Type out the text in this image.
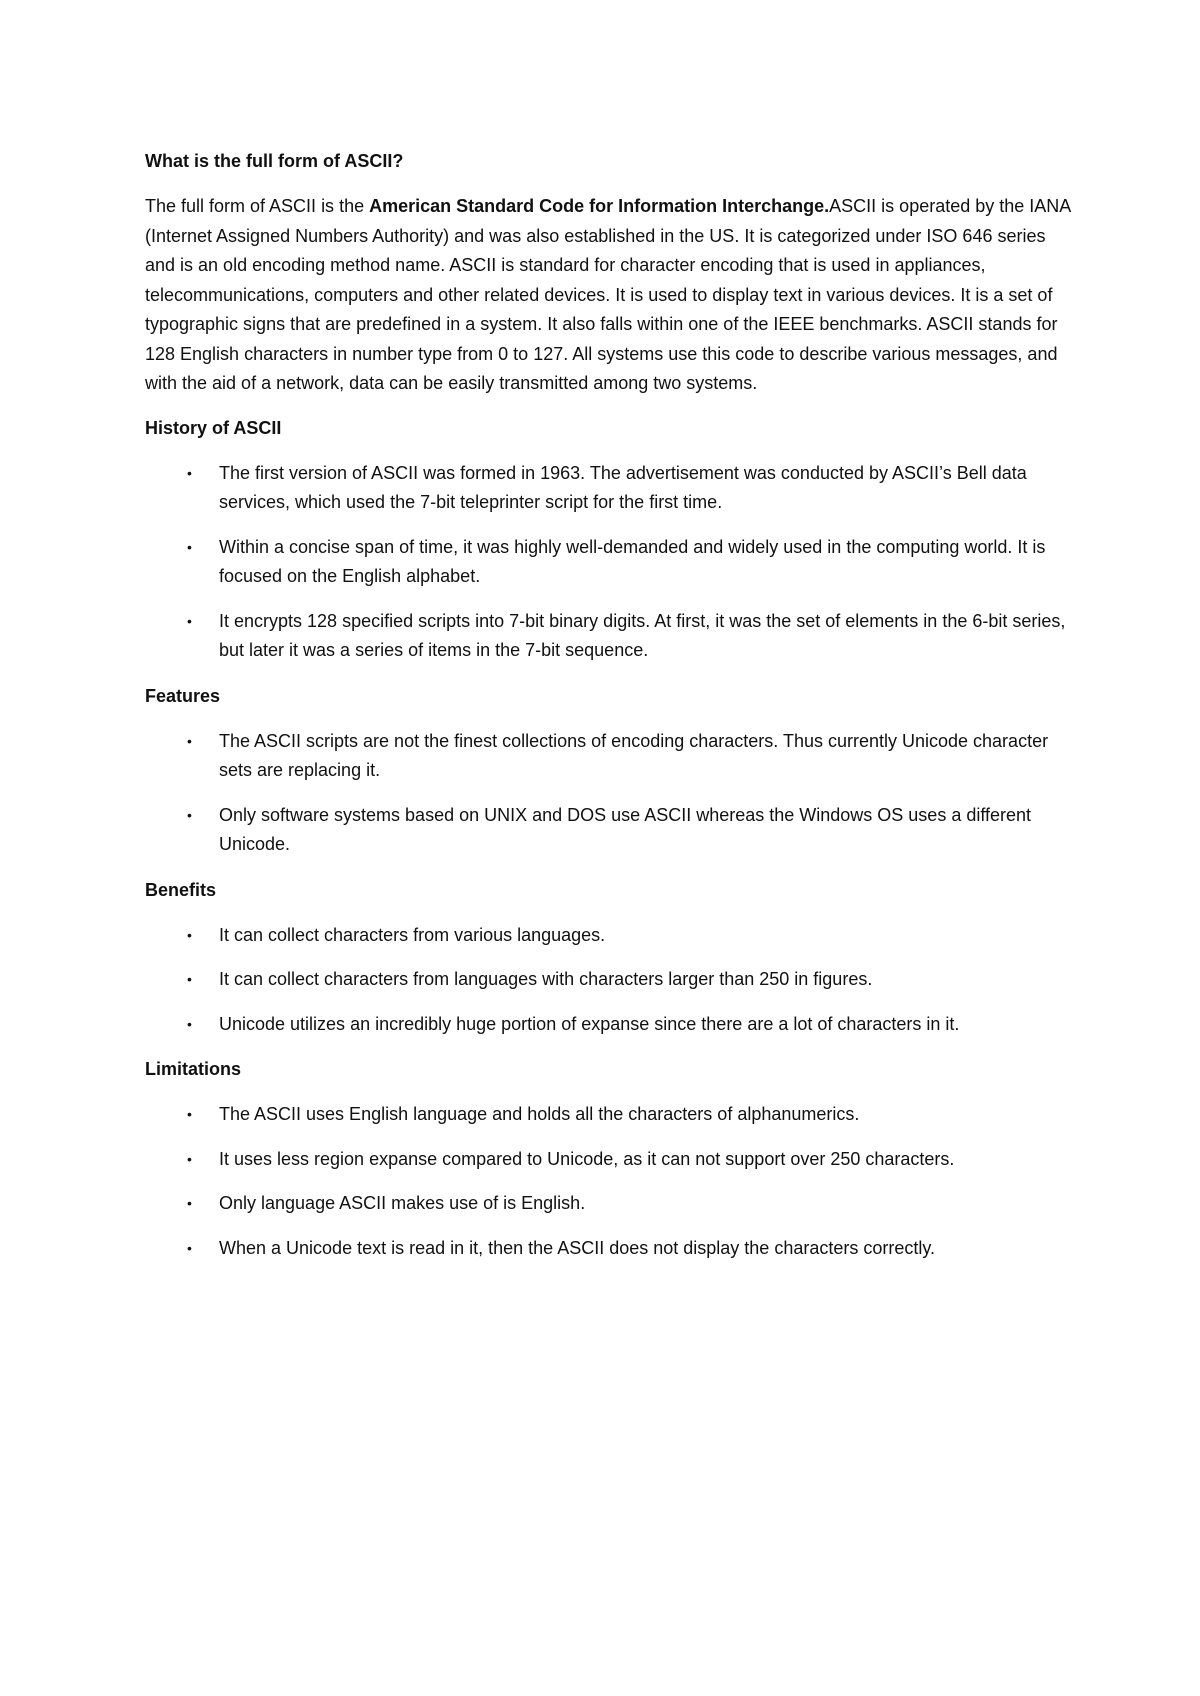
What is the full form of ASCII?

The full form of ASCII is the American Standard Code for Information Interchange.ASCII is operated by the IANA (Internet Assigned Numbers Authority) and was also established in the US. It is categorized under ISO 646 series and is an old encoding method name. ASCII is standard for character encoding that is used in appliances, telecommunications, computers and other related devices. It is used to display text in various devices. It is a set of typographic signs that are predefined in a system. It also falls within one of the IEEE benchmarks. ASCII stands for 128 English characters in number type from 0 to 127. All systems use this code to describe various messages, and with the aid of a network, data can be easily transmitted among two systems.

History of ASCII
• The first version of ASCII was formed in 1963. The advertisement was conducted by ASCII’s Bell data services, which used the 7-bit teleprinter script for the first time.
• Within a concise span of time, it was highly well-demanded and widely used in the computing world. It is focused on the English alphabet.
• It encrypts 128 specified scripts into 7-bit binary digits. At first, it was the set of elements in the 6-bit series, but later it was a series of items in the 7-bit sequence.
Features
• The ASCII scripts are not the finest collections of encoding characters. Thus currently Unicode character sets are replacing it.
• Only software systems based on UNIX and DOS use ASCII whereas the Windows OS uses a different Unicode.
Benefits
• It can collect characters from various languages.
• It can collect characters from languages with characters larger than 250 in figures.
• Unicode utilizes an incredibly huge portion of expanse since there are a lot of characters in it.
Limitations
• The ASCII uses English language and holds all the characters of alphanumerics.
• It uses less region expanse compared to Unicode, as it can not support over 250 characters.
• Only language ASCII makes use of is English.
• When a Unicode text is read in it, then the ASCII does not display the characters correctly.
